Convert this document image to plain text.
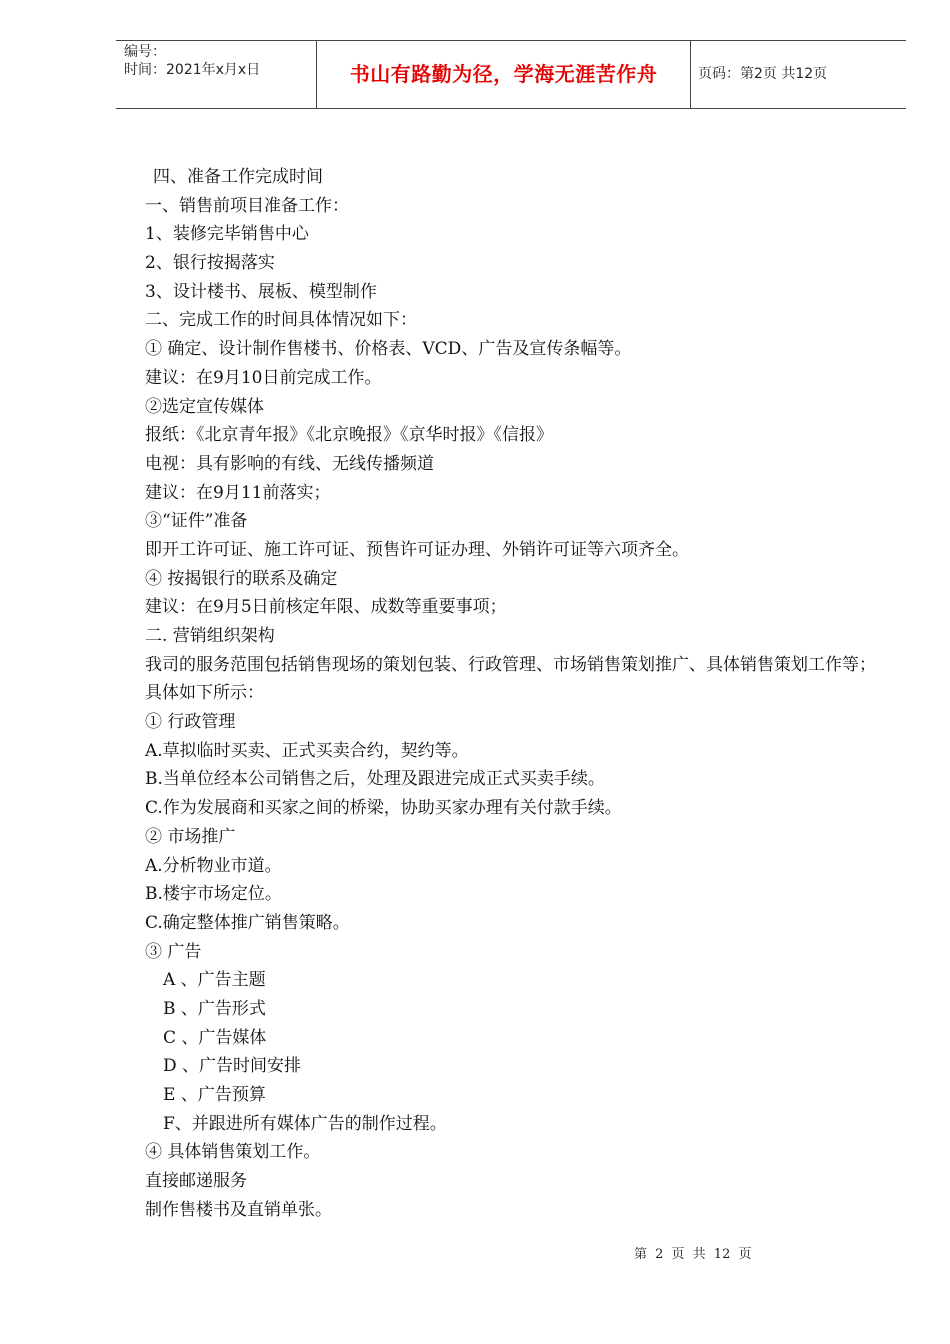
编号：
时间：2021年x月x日	书山有路勤为径，学海无涯苦作舟	页码：第2页 共12页
四、准备工作完成时间
一、销售前项目准备工作：
1、装修完毕销售中心
2、银行按揭落实
3、设计楼书、展板、模型制作
二、完成工作的时间具体情况如下：
① 确定、设计制作售楼书、价格表、VCD、广告及宣传条幅等。
建议：在9月10日前完成工作。
②选定宣传媒体
报纸：《北京青年报》《北京晚报》《京华时报》《信报》
电视：具有影响的有线、无线传播频道
建议：在9月11前落实；
③“证件”准备
即开工许可证、施工许可证、预售许可证办理、外销许可证等六项齐全。
④ 按揭银行的联系及确定
建议：在9月5日前核定年限、成数等重要事项；
二. 营销组织架构
我司的服务范围包括销售现场的策划包装、行政管理、市场销售策划推广、具体销售策划工作等；具体如下所示：
① 行政管理
A.草拟临时买卖、正式买卖合约，契约等。
B.当单位经本公司销售之后，处理及跟进完成正式买卖手续。
C.作为发展商和买家之间的桥梁，协助买家办理有关付款手续。
② 市场推广
A.分析物业市道。
B.楼宇市场定位。
C.确定整体推广销售策略。
③ 广告
A 、广告主题
B 、广告形式
C 、广告媒体
D 、广告时间安排
E 、广告预算
F、并跟进所有媒体广告的制作过程。
④ 具体销售策划工作。
直接邮递服务
制作售楼书及直销单张。
第 2 页 共 12 页
